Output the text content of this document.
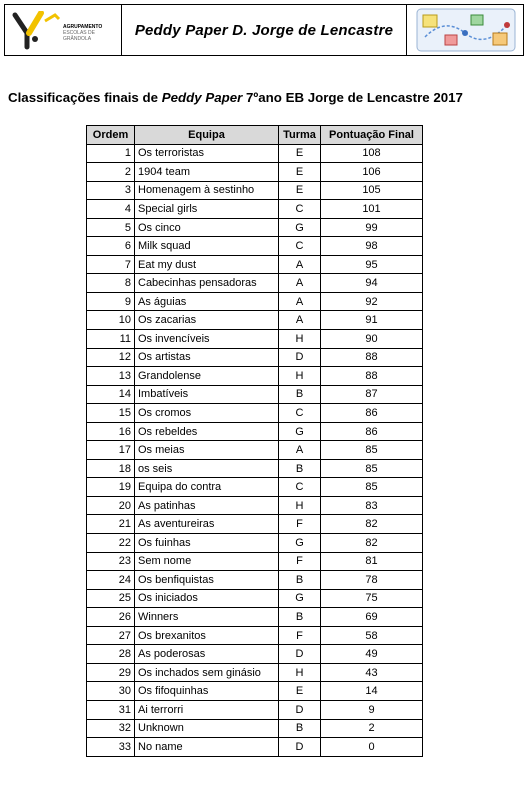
AGRUPAMENTO
ESCOLAS DE GRÂNDOLA
Peddy Paper D. Jorge de Lencastre
Classificações finais de Peddy Paper 7ºano EB Jorge de Lencastre 2017
Ordem	Equipa	Turma	Pontuação Final
1	Os terroristas	E	108
2	1904 team	E	106
3	Homenagem à sestinho	E	105
4	Special girls	C	101
5	Os cinco	G	99
6	Milk squad	C	98
7	Eat my dust	A	95
8	Cabecinhas pensadoras	A	94
9	As águias	A	92
10	Os zacarias	A	91
11	Os invencíveis	H	90
12	Os artistas	D	88
13	Grandolense	H	88
14	Imbatíveis	B	87
15	Os cromos	C	86
16	Os rebeldes	G	86
17	Os meias	A	85
18	os seis	B	85
19	Equipa do contra	C	85
20	As patinhas	H	83
21	As aventureiras	F	82
22	Os fuinhas	G	82
23	Sem nome	F	81
24	Os benfiquistas	B	78
25	Os iniciados	G	75
26	Winners	B	69
27	Os brexanitos	F	58
28	As poderosas	D	49
29	Os inchados sem ginásio	H	43
30	Os fifoquinhas	E	14
31	Ai terrorri	D	9
32	Unknown	B	2
33	No name	D	0
